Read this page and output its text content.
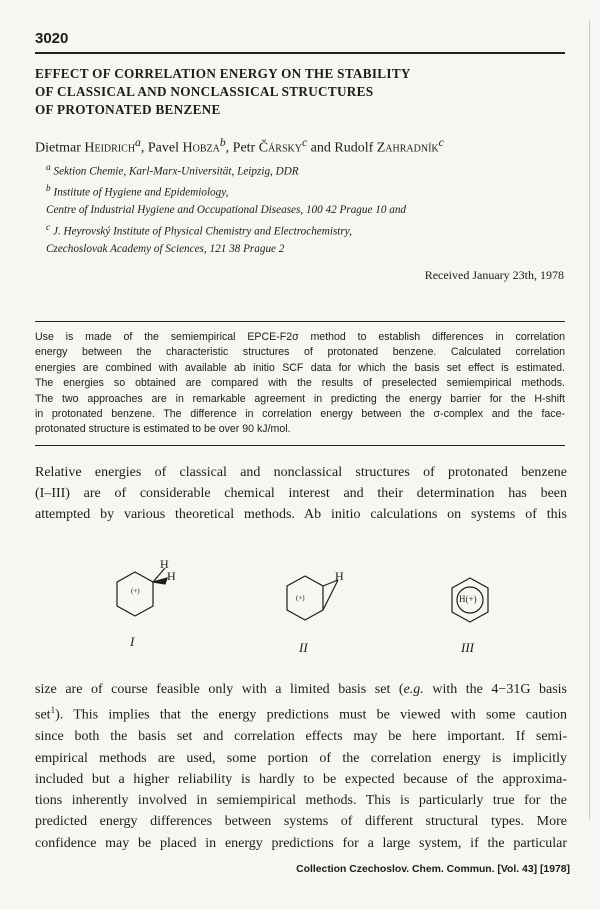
3020
EFFECT OF CORRELATION ENERGY ON THE STABILITY
OF CLASSICAL AND NONCLASSICAL STRUCTURES
OF PROTONATED BENZENE
Dietmar Heidrich$^a$, Pavel Hobza$^b$, Petr Čársky$^c$ and Rudolf Zahradník$^c$
$^a$ Sektion Chemie, Karl-Marx-Universität, Leipzig, DDR
$^b$ Institute of Hygiene and Epidemiology,
Centre of Industrial Hygiene and Occupational Diseases, 100 42 Prague 10 and
$^c$ J. Heyrovský Institute of Physical Chemistry and Electrochemistry,
Czechoslovak Academy of Sciences, 121 38 Prague 2
Received January 23th, 1978
Use is made of the semiempirical EPCE-F2σ method to establish differences in correlation
energy between the characteristic structures of protonated benzene. Calculated correlation
energies are combined with available ab initio SCF data for which the basis set effect is estimated.
The energies so obtained are compared with the results of preselected semiempirical methods.
The two approaches are in remarkable agreement in predicting the energy barrier for the H-shift
in protonated benzene. The difference in correlation energy between the σ-complex and the face-
protonated structure is estimated to be over 90 kJ/mol.
Relative energies of classical and nonclassical structures of protonated benzene
(I–III) are of considerable chemical interest and their determination has been
attempted by various theoretical methods. Ab initio calculations on systems of this
(+)
H
H
(+)
H
H(+)
I	II	III
size are of course feasible only with a limited basis set (e.g. with the 4−31G basis
set$^1$). This implies that the energy predictions must be viewed with some caution
since both the basis set and correlation effects may be here important. If semi-
empirical methods are used, some portion of the correlation energy is implicitly
included but a higher reliability is hardly to be expected because of the approxima-
tions inherently involved in semiempirical methods. This is particularly true for the
predicted energy differences between systems of different structural types. More
confidence may be placed in energy predictions for a large system, if the particular
Collection Czechoslov. Chem. Commun. [Vol. 43] [1978]
